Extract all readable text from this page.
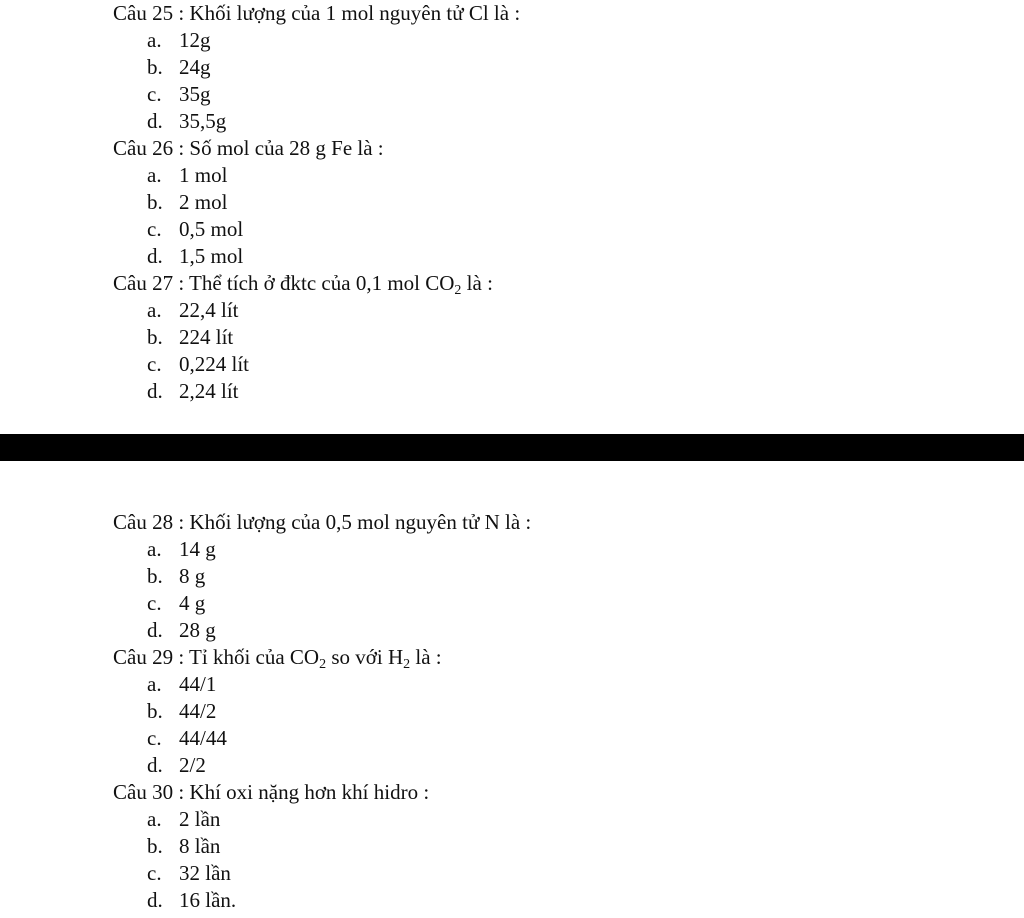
Câu 25 : Khối lượng của 1 mol nguyên tử Cl là :
a. 12g
b. 24g
c. 35g
d. 35,5g
Câu 26 : Số mol của 28 g Fe là :
a. 1 mol
b. 2 mol
c. 0,5 mol
d. 1,5 mol
Câu 27 : Thể tích ở đktc của 0,1 mol $CO_2$ là :
a. 22,4 lít
b. 224 lít
c. 0,224 lít
d. 2,24 lít
Câu 28 : Khối lượng của 0,5 mol nguyên tử N là :
a. 14 g
b. 8 g
c. 4 g
d. 28 g
Câu 29 : Tỉ khối của $CO_2$ so với $H_2$ là :
a. 44/1
b. 44/2
c. 44/44
d. 2/2
Câu 30 : Khí oxi nặng hơn khí hidro :
a. 2 lần
b. 8 lần
c. 32 lần
d. 16 lần.
